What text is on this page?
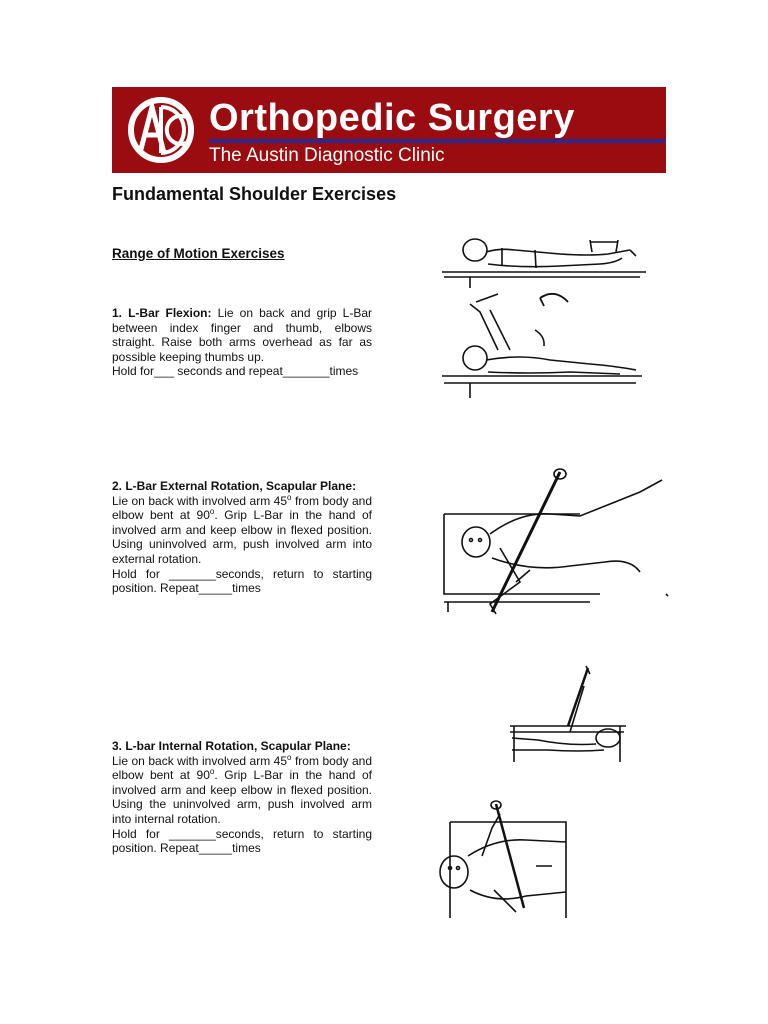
Orthopedic Surgery
The Austin Diagnostic Clinic
Fundamental Shoulder Exercises
Range of Motion Exercises

1. L-Bar Flexion: Lie on back and grip L-Bar between index finger and thumb, elbows straight. Raise both arms overhead as far as possible keeping thumbs up.

Hold for___ seconds and repeat_______times

2. L-Bar External Rotation, Scapular Plane:

Lie on back with involved arm 45$^o$ from body and elbow bent at 90$^o$. Grip L-Bar in the hand of involved arm and keep elbow in flexed position. Using uninvolved arm, push involved arm into external rotation.

Hold for _______seconds, return to starting position. Repeat_____times

3. L-bar Internal Rotation, Scapular Plane:

Lie on back with involved arm 45$^o$ from body and elbow bent at 90$^o$. Grip L-Bar in the hand of involved arm and keep elbow in flexed position. Using the uninvolved arm, push involved arm into internal rotation.

Hold for _______seconds, return to starting position. Repeat_____times
